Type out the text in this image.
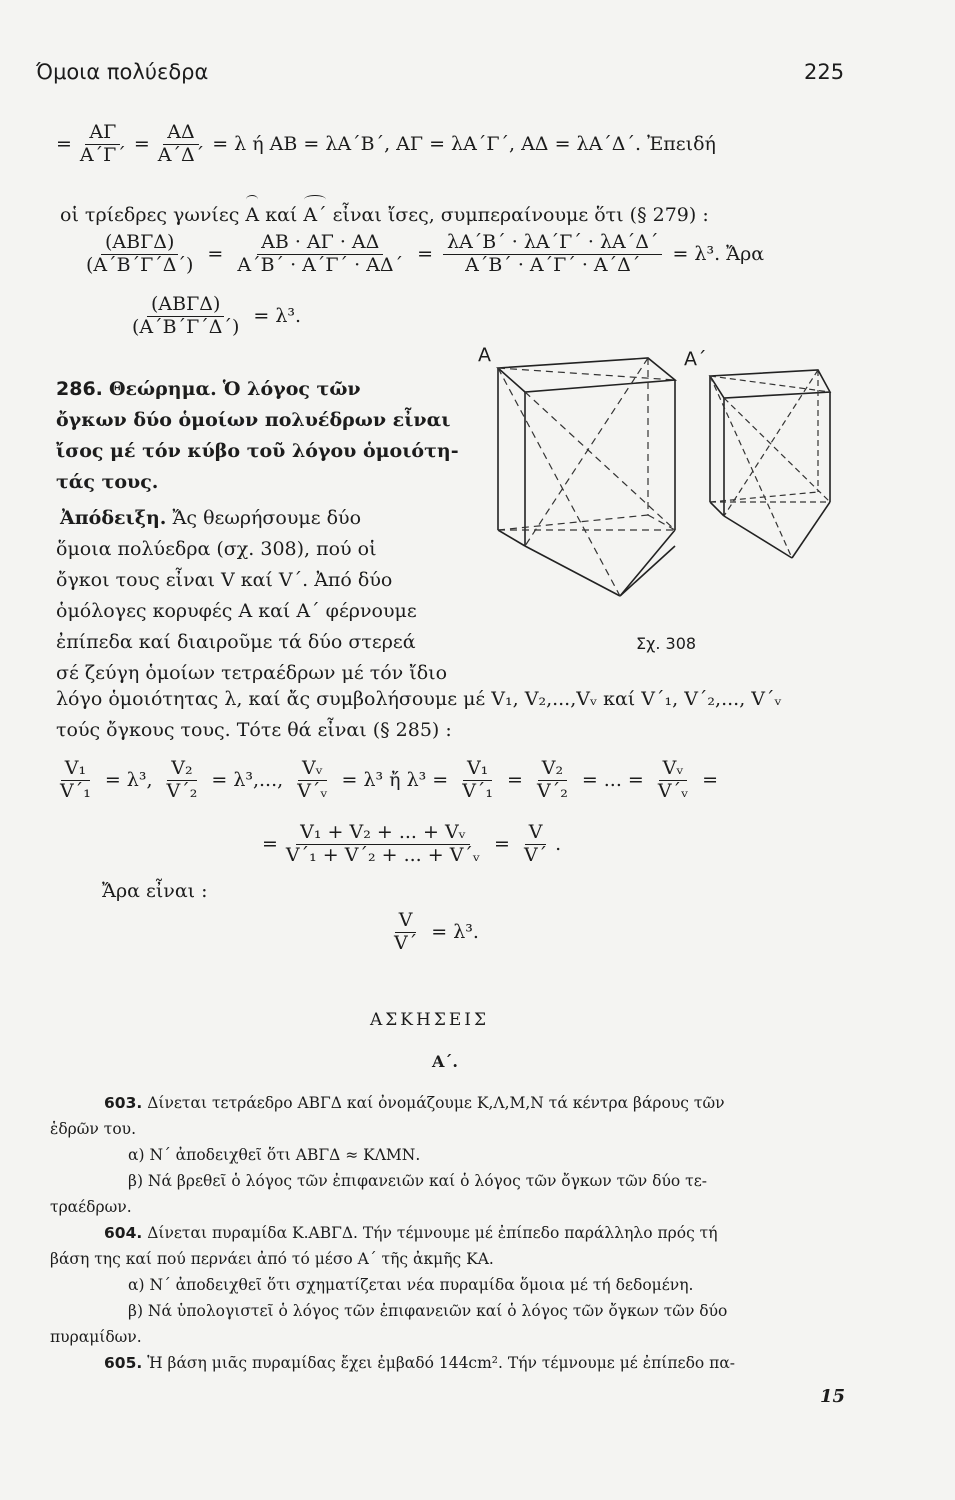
Όμοια πολύεδρα	225
= $\frac{A\Gamma}{A΄\Gamma΄} = \frac{A\Delta}{A΄\Delta΄} = \lambda$ ή ΑΒ = λΑ΄Β΄, ΑΓ = λΑ΄Γ΄, ΑΔ = λΑ΄Δ΄. Ἐπειδή
οἱ τρίεδρες γωνίες Α καί Α΄ εἶναι ἴσες, συμπεραίνουμε ὅτι (§ 279) :
$\frac{\text{(ΑΒΓΔ)}}{(A΄B΄\Gamma΄\Delta΄)} = \frac{AB \cdot A\Gamma \cdot A\Delta}{A΄B΄ \cdot A΄\Gamma΄ \cdot A\Delta΄} = \frac{\lambda A΄B΄ \cdot \lambda A΄\Gamma΄ \cdot \lambda A΄\Delta΄}{A΄B΄ \cdot A΄\Gamma΄ \cdot A΄\Delta΄} = \lambda^3$. Ἄρα
$\frac{\text{(ΑΒΓΔ)}}{(A΄B΄\Gamma΄\Delta΄)} = \lambda^3$.
286. Θεώρημα. Ὁ λόγος τῶν
ὄγκων δύο ὁμοίων πολυέδρων εἶναι
ἴσος μέ τόν κύβο τοῦ λόγου ὁμοιότη-
τάς τους.
Ἀπόδειξη. Ἄς θεωρήσουμε δύο
ὅμοια πολύεδρα (σχ. 308), πού οἱ
ὄγκοι τους εἶναι V καί V΄. Ἀπό δύο
ὁμόλογες κορυφές Α καί Α΄ φέρνουμε
ἐπίπεδα καί διαιροῦμε τά δύο στερεά
σέ ζεύγη ὁμοίων τετραέδρων μέ τόν ἴδιο
λόγο ὁμοιότητας λ, καί ἄς συμβολήσουμε μέ V₁, V₂,...,Vᵥ καί V΄₁, V΄₂,..., V΄ᵥ
τούς ὄγκους τους. Τότε θά εἶναι (§ 285) :
Α	Α΄
Σχ. 308
$\frac{\text{V₁}}{\text{V΄₁}} = \lambda^3$, $\frac{\text{V₂}}{\text{V΄₂}} = \lambda^3$,..., $\frac{\text{Vᵥ}}{\text{V΄ᵥ}} = \lambda^3$ ἤ $\lambda^3 = \frac{\text{V₁}}{\text{V΄₁}} = \frac{\text{V₂}}{\text{V΄₂}}$ = ... = $\frac{\text{Vᵥ}}{\text{V΄ᵥ}}$ =
= $\frac{\text{V₁ + V₂ + ... + Vᵥ}}{\text{V΄₁ + V΄₂ + ... + V΄ᵥ}} = \frac{V}{V΄}$ .
Ἄρα εἶναι :
$\frac{V}{V΄} = \lambda^3$.
ΑΣΚΗΣΕΙΣ
Α΄.
603. Δίνεται τετράεδρο ΑΒΓΔ καί ὀνομάζουμε Κ,Λ,Μ,Ν τά κέντρα βάρους τῶν
ἑδρῶν του.
α) Ν΄ ἀποδειχθεῖ ὅτι ΑΒΓΔ ≈ ΚΛΜΝ.
β) Νά βρεθεῖ ὁ λόγος τῶν ἐπιφανειῶν καί ὁ λόγος τῶν ὄγκων τῶν δύο τε-
τραέδρων.
604. Δίνεται πυραμίδα Κ.ΑΒΓΔ. Τήν τέμνουμε μέ ἐπίπεδο παράλληλο πρός τή
βάση της καί πού περνάει ἀπό τό μέσο Α΄ τῆς ἀκμῆς ΚΑ.
α) Ν΄ ἀποδειχθεῖ ὅτι σχηματίζεται νέα πυραμίδα ὅμοια μέ τή δεδομένη.
β) Νά ὑπολογιστεῖ ὁ λόγος τῶν ἐπιφανειῶν καί ὁ λόγος τῶν ὄγκων τῶν δύο
πυραμίδων.
605. Ἡ βάση μιᾶς πυραμίδας ἔχει ἐμβαδό 144cm². Τήν τέμνουμε μέ ἐπίπεδο πα-
15
